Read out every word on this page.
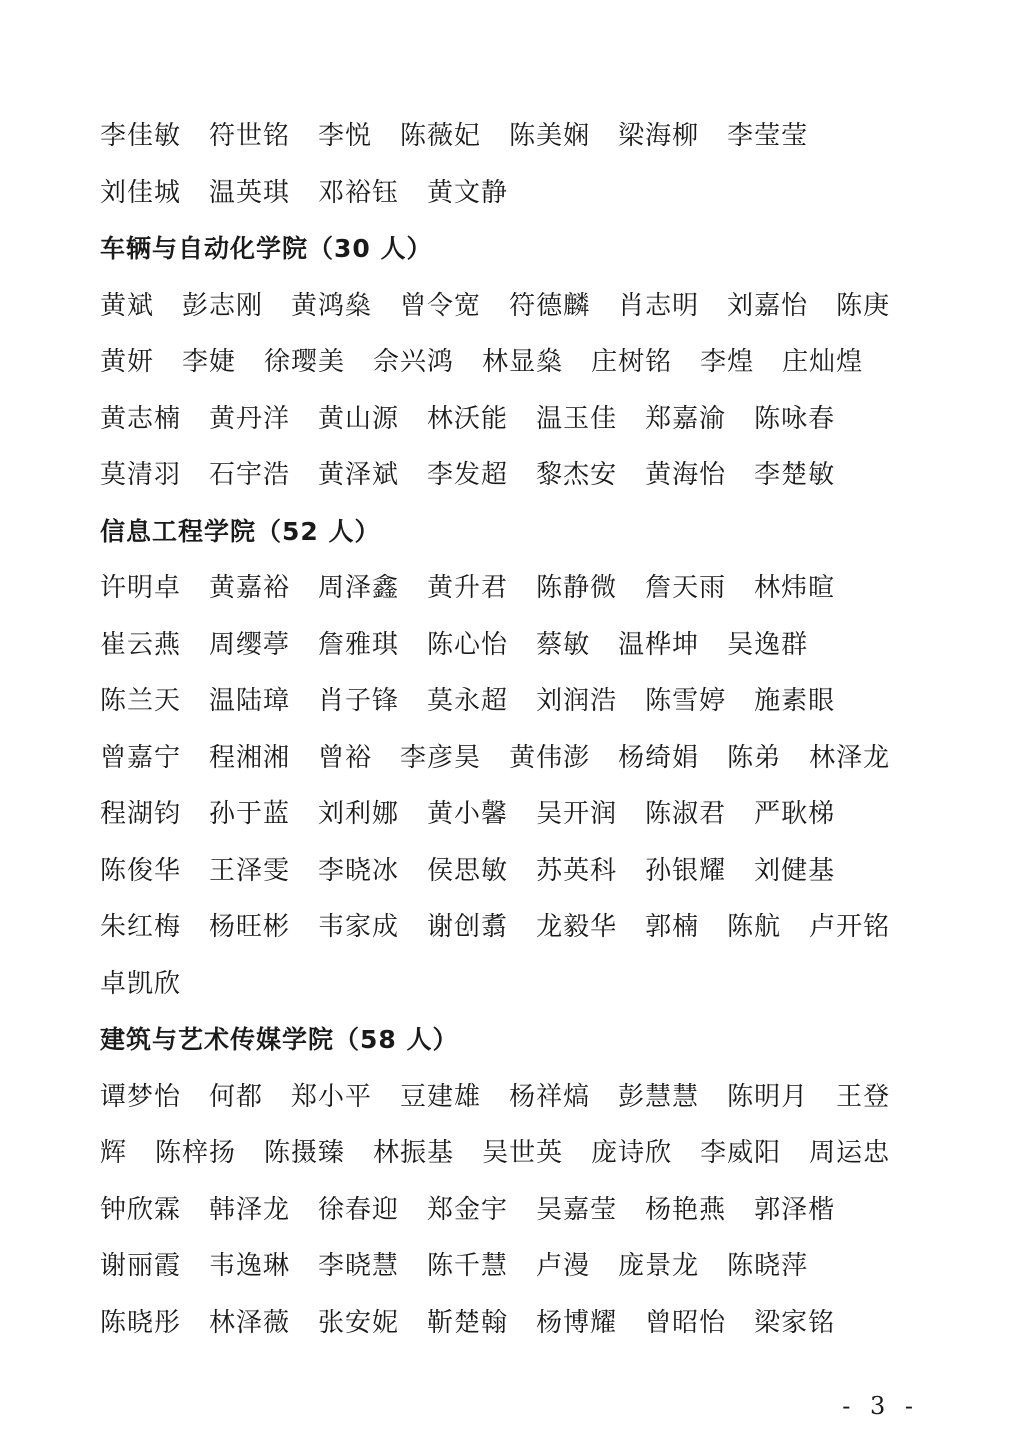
李佳敏 符世铭 李悦 陈薇妃 陈美娴 梁海柳 李莹莹
刘佳城 温英琪 邓裕钰 黄文静
车辆与自动化学院（30 人）
黄斌 彭志刚 黄鸿燊 曾令宽 符德麟 肖志明 刘嘉怡 陈庚
黄妍 李婕 徐璎美 佘兴鸿 林显燊 庄树铭 李煌 庄灿煌
黄志楠 黄丹洋 黄山源 林沃能 温玉佳 郑嘉渝 陈咏春
莫清羽 石宇浩 黄泽斌 李发超 黎杰安 黄海怡 李楚敏
信息工程学院（52 人）
许明卓 黄嘉裕 周泽鑫 黄升君 陈静微 詹天雨 林炜暄
崔云燕 周缨葶 詹雅琪 陈心怡 蔡敏 温桦坤 吴逸群
陈兰天 温陆璋 肖子锋 莫永超 刘润浩 陈雪婷 施素眼
曾嘉宁 程湘湘 曾裕 李彦昊 黄伟澎 杨绮娟 陈弟 林泽龙
程湖钧 孙于蓝 刘利娜 黄小馨 吴开润 陈淑君 严耿梯
陈俊华 王泽雯 李晓冰 侯思敏 苏英科 孙银耀 刘健基
朱红梅 杨旺彬 韦家成 谢创翥 龙毅华 郭楠 陈航 卢开铭
卓凯欣
建筑与艺术传媒学院（58 人）
谭梦怡 何都 郑小平 豆建雄 杨祥熇 彭慧慧 陈明月 王登
辉 陈梓扬 陈摄臻 林振基 吴世英 庞诗欣 李威阳 周运忠
钟欣霖 韩泽龙 徐春迎 郑金宇 吴嘉莹 杨艳燕 郭泽楷
谢丽霞 韦逸琳 李晓慧 陈千慧 卢漫 庞景龙 陈晓萍
陈晓彤 林泽薇 张安妮 靳楚翰 杨博耀 曾昭怡 梁家铭
- 3 -
